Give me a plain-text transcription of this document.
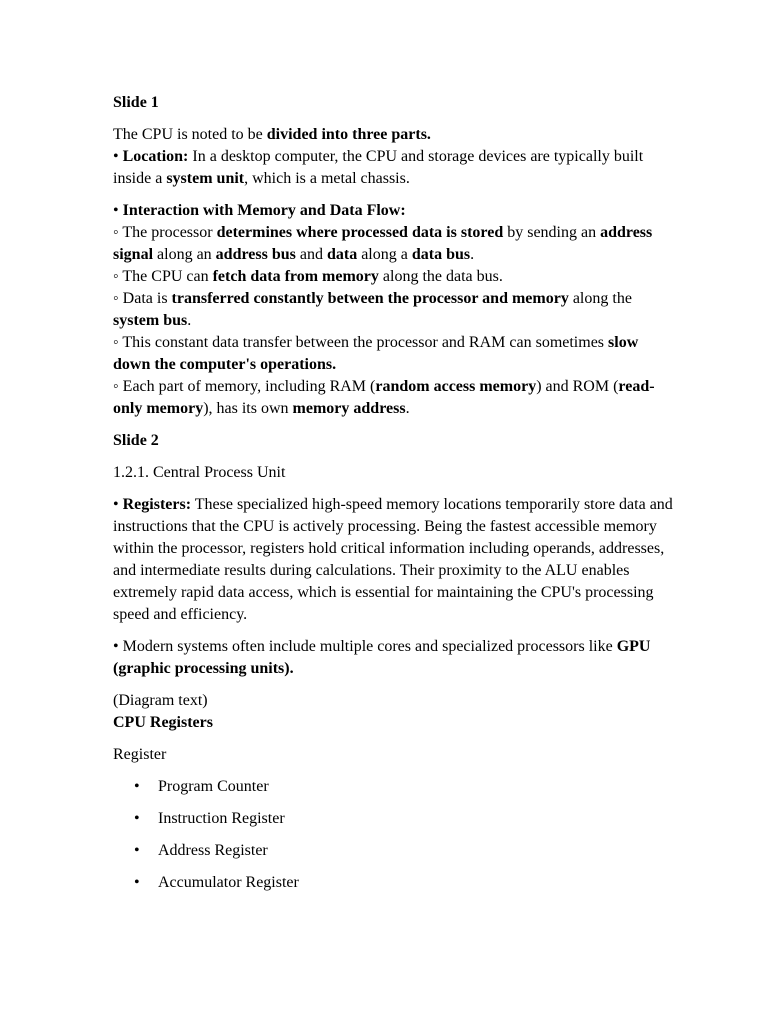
Slide 1

The CPU is noted to be divided into three parts.

• Location: In a desktop computer, the CPU and storage devices are typically built inside a system unit, which is a metal chassis.

• Interaction with Memory and Data Flow:

◦ The processor determines where processed data is stored by sending an address signal along an address bus and data along a data bus.

◦ The CPU can fetch data from memory along the data bus.

◦ Data is transferred constantly between the processor and memory along the system bus.

◦ This constant data transfer between the processor and RAM can sometimes slow down the computer's operations.

◦ Each part of memory, including RAM (random access memory) and ROM (read-only memory), has its own memory address.

Slide 2

1.2.1. Central Process Unit

• Registers: These specialized high-speed memory locations temporarily store data and instructions that the CPU is actively processing. Being the fastest accessible memory within the processor, registers hold critical information including operands, addresses, and intermediate results during calculations. Their proximity to the ALU enables extremely rapid data access, which is essential for maintaining the CPU's processing speed and efficiency.

• Modern systems often include multiple cores and specialized processors like GPU (graphic processing units).

(Diagram text)

CPU Registers

Register

• Program Counter
• Instruction Register
• Address Register
• Accumulator Register
